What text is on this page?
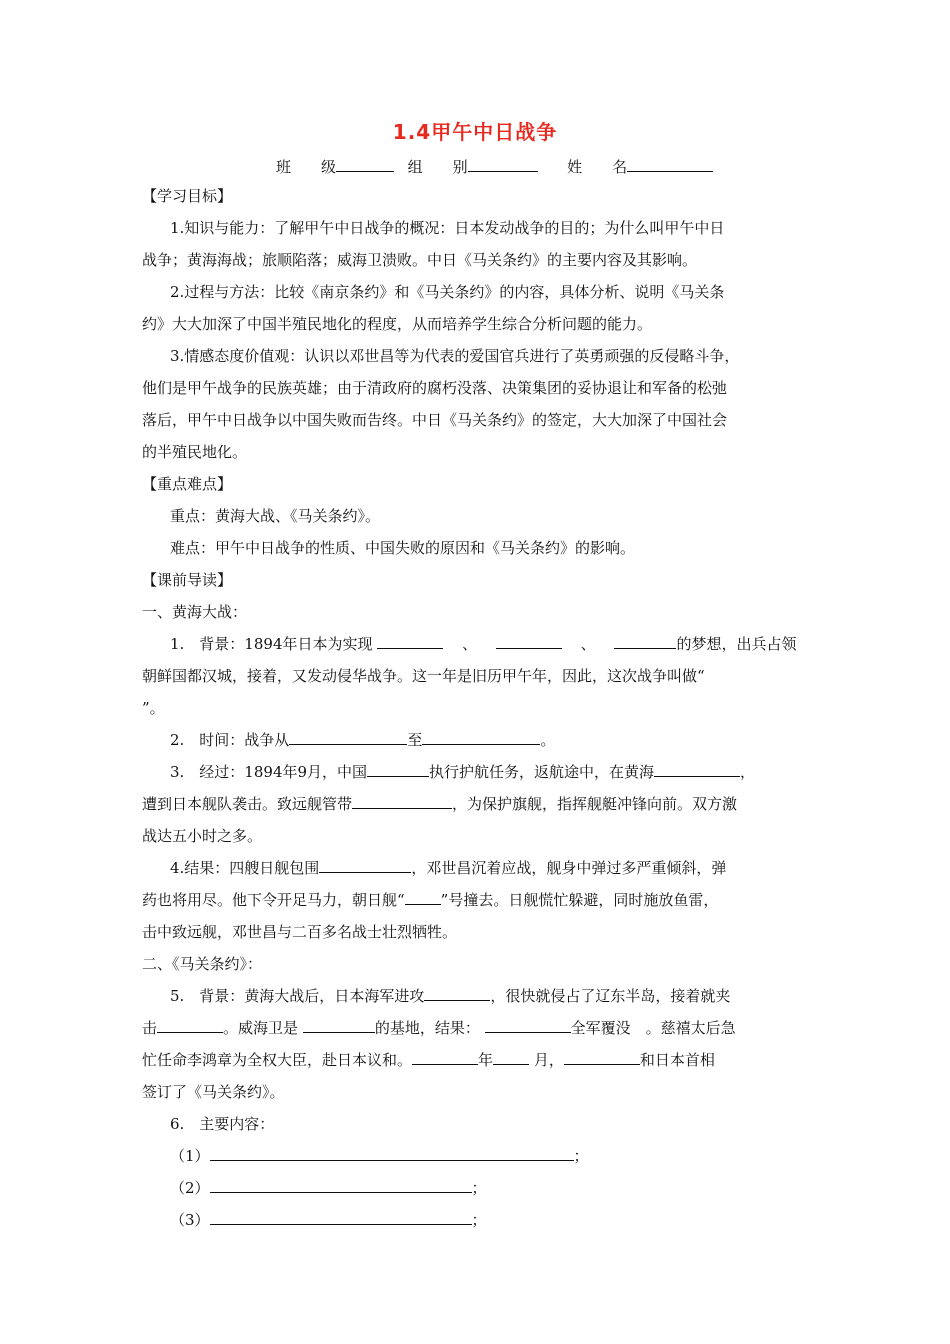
1.4甲午中日战争
班　　级	组　　别	姓　　名
【学习目标】
1.知识与能力：了解甲午中日战争的概况：日本发动战争的目的；为什么叫甲午中日
战争；黄海海战；旅顺陷落；威海卫溃败。中日《马关条约》的主要内容及其影响。
2.过程与方法：比较《南京条约》和《马关条约》的内容，具体分析、说明《马关条
约》大大加深了中国半殖民地化的程度，从而培养学生综合分析问题的能力。
3.情感态度价值观：认识以邓世昌等为代表的爱国官兵进行了英勇顽强的反侵略斗争，
他们是甲午战争的民族英雄；由于清政府的腐朽没落、决策集团的妥协退让和军备的松弛
落后，甲午中日战争以中国失败而告终。中日《马关条约》的签定，大大加深了中国社会
的半殖民地化。
【重点难点】
重点：黄海大战、《马关条约》。
难点：甲午中日战争的性质、中国失败的原因和《马关条约》的影响。
【课前导读】
一、黄海大战：
1.　背景：1894年日本为实现	、	、	的梦想，出兵占领
朝鲜国都汉城，接着，又发动侵华战争。这一年是旧历甲午年，因此，这次战争叫做“
”。
2.　时间：战争从	至	。
3.　经过：1894年9月，中国	执行护航任务，返航途中，在黄海	，
遭到日本舰队袭击。致远舰管带	，为保护旗舰，指挥舰艇冲锋向前。双方激
战达五小时之多。
4.结果：四艘日舰包围	，邓世昌沉着应战，舰身中弹过多严重倾斜，弹
药也将用尽。他下令开足马力，朝日舰“ ”号撞去。日舰慌忙躲避，同时施放鱼雷，
击中致远舰，邓世昌与二百多名战士壮烈牺牲。
二、《马关条约》：
5.　背景：黄海大战后，日本海军进攻	，很快就侵占了辽东半岛，接着就夹
击	。威海卫是	的基地，结果：	全军覆没　。慈禧太后急
忙任命李鸿章为全权大臣，赴日本议和。	年	月，	和日本首相
签订了《马关条约》。
6.　主要内容：
（1）	；
（2）	；
（3）	；
